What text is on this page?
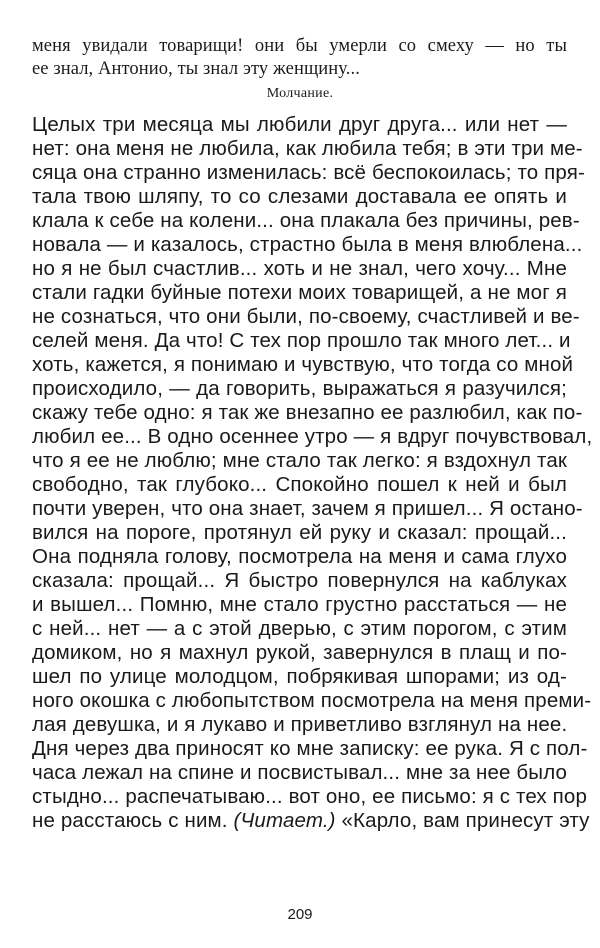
меня увидали товарищи! они бы умерли со смеху — но ты
ее знал, Антонио, ты знал эту женщину...
Молчание.
Целых три месяца мы любили друг друга... или нет —
нет: она меня не любила, как любила тебя; в эти три ме-
сяца она странно изменилась: всё беспокоилась; то пря-
тала твою шляпу, то со слезами доставала ее опять и
клала к себе на колени... она плакала без причины, рев-
новала — и казалось, страстно была в меня влюблена...
но я не был счастлив... хоть и не знал, чего хочу... Мне
стали гадки буйные потехи моих товарищей, а не мог я
не сознаться, что они были, по-своему, счастливей и ве-
селей меня. Да что! С тех пор прошло так много лет... и
хоть, кажется, я понимаю и чувствую, что тогда со мной
происходило, — да говорить, выражаться я разучился;
скажу тебе одно: я так же внезапно ее разлюбил, как по-
любил ее... В одно осеннее утро — я вдруг почувствовал,
что я ее не люблю; мне стало так легко: я вздохнул так
свободно, так глубоко... Спокойно пошел к ней и был
почти уверен, что она знает, зачем я пришел... Я остано-
вился на пороге, протянул ей руку и сказал: прощай...
Она подняла голову, посмотрела на меня и сама глухо
сказала: прощай... Я быстро повернулся на каблуках
и вышел... Помню, мне стало грустно расстаться — не
с ней... нет — а с этой дверью, с этим порогом, с этим
домиком, но я махнул рукой, завернулся в плащ и по-
шел по улице молодцом, побрякивая шпорами; из од-
ного окошка с любопытством посмотрела на меня преми-
лая девушка, и я лукаво и приветливо взглянул на нее.
Дня через два приносят ко мне записку: ее рука. Я с пол-
часа лежал на спине и посвистывал... мне за нее было
стыдно... распечатываю... вот оно, ее письмо: я с тех пор
не расстаюсь с ним. (Читает.) «Карло, вам принесут эту
209
